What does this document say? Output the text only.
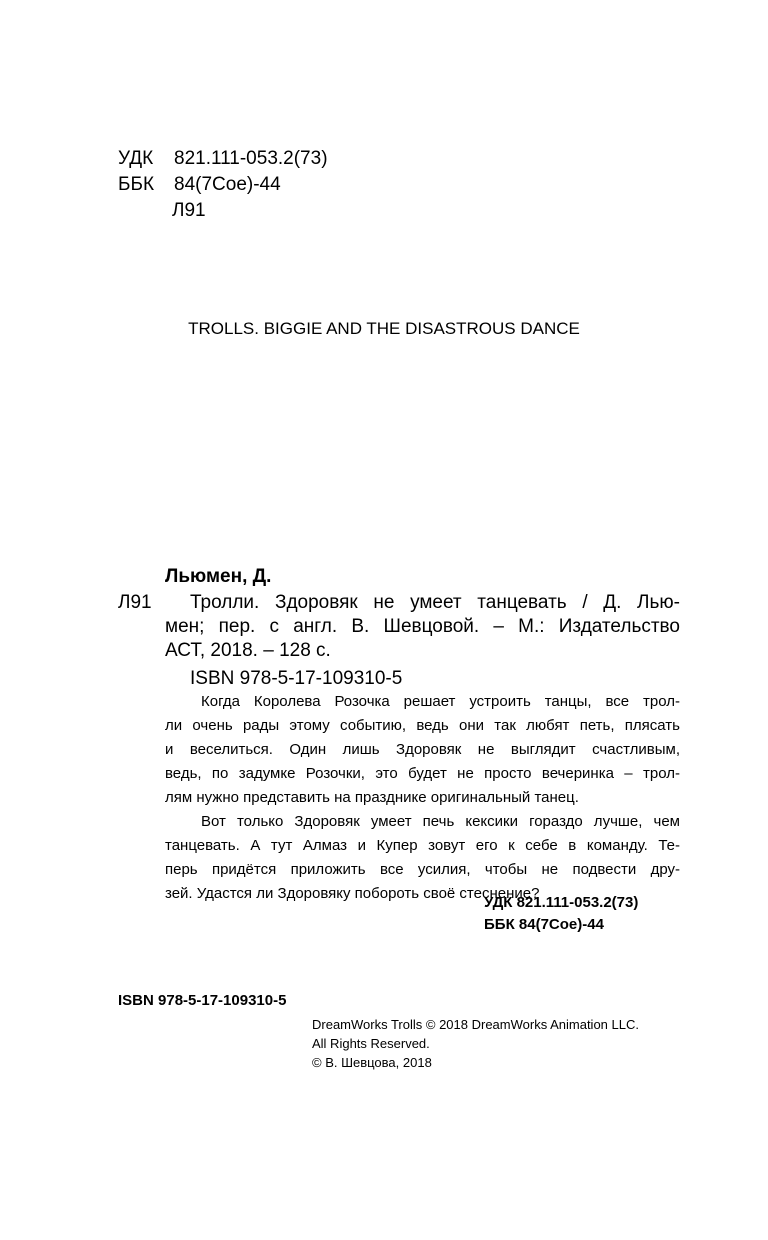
УДК 821.111-053.2(73)
ББК 84(7Сое)-44
Л91
TROLLS. BIGGIE AND THE DISASTROUS DANCE
Льюмен, Д.
Л91 Тролли. Здоровяк не умеет танцевать / Д. Лью-
мен; пер. с англ. В. Шевцовой. – М.: Издательство
АСТ, 2018. – 128 с.
ISBN 978-5-17-109310-5
Когда Королева Розочка решает устроить танцы, все трол-
ли очень рады этому событию, ведь они так любят петь, плясать
и веселиться. Один лишь Здоровяк не выглядит счастливым,
ведь, по задумке Розочки, это будет не просто вечеринка – трол-
лям нужно представить на празднике оригинальный танец.
Вот только Здоровяк умеет печь кексики гораздо лучше, чем
танцевать. А тут Алмаз и Купер зовут его к себе в команду. Те-
перь придётся приложить все усилия, чтобы не подвести дру-
зей. Удастся ли Здоровяку побороть своё стеснение?
УДК 821.111-053.2(73)
ББК 84(7Сое)-44
ISBN 978-5-17-109310-5
DreamWorks Trolls © 2018 DreamWorks Animation LLC.
All Rights Reserved.
© В. Шевцова, 2018
